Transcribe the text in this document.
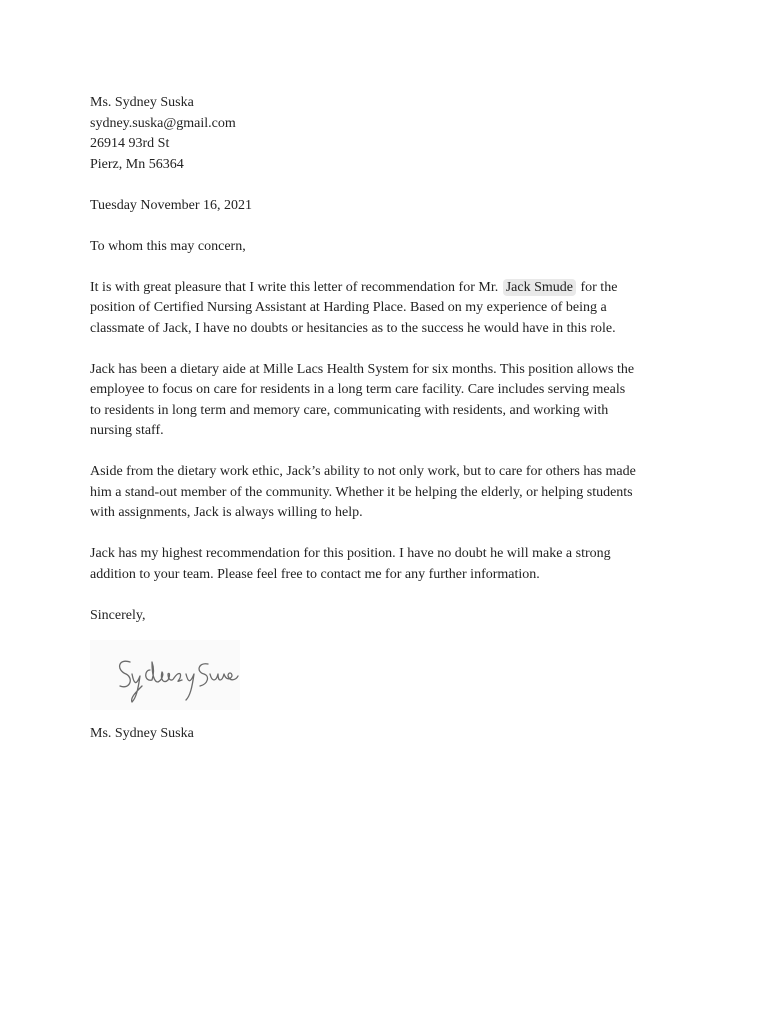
Ms. Sydney Suska
sydney.suska@gmail.com
26914 93rd St
Pierz, Mn 56364
Tuesday November 16, 2021
To whom this may concern,
It is with great pleasure that I write this letter of recommendation for Mr. Jack Smude for the
position of Certified Nursing Assistant at Harding Place. Based on my experience of being a
classmate of Jack, I have no doubts or hesitancies as to the success he would have in this role.
Jack has been a dietary aide at Mille Lacs Health System for six months. This position allows the
employee to focus on care for residents in a long term care facility. Care includes serving meals
to residents in long term and memory care, communicating with residents, and working with
nursing staff.
Aside from the dietary work ethic, Jack’s ability to not only work, but to care for others has made
him a stand-out member of the community. Whether it be helping the elderly, or helping students
with assignments, Jack is always willing to help.
Jack has my highest recommendation for this position. I have no doubt he will make a strong
addition to your team. Please feel free to contact me for any further information.
Sincerely,
Ms. Sydney Suska
